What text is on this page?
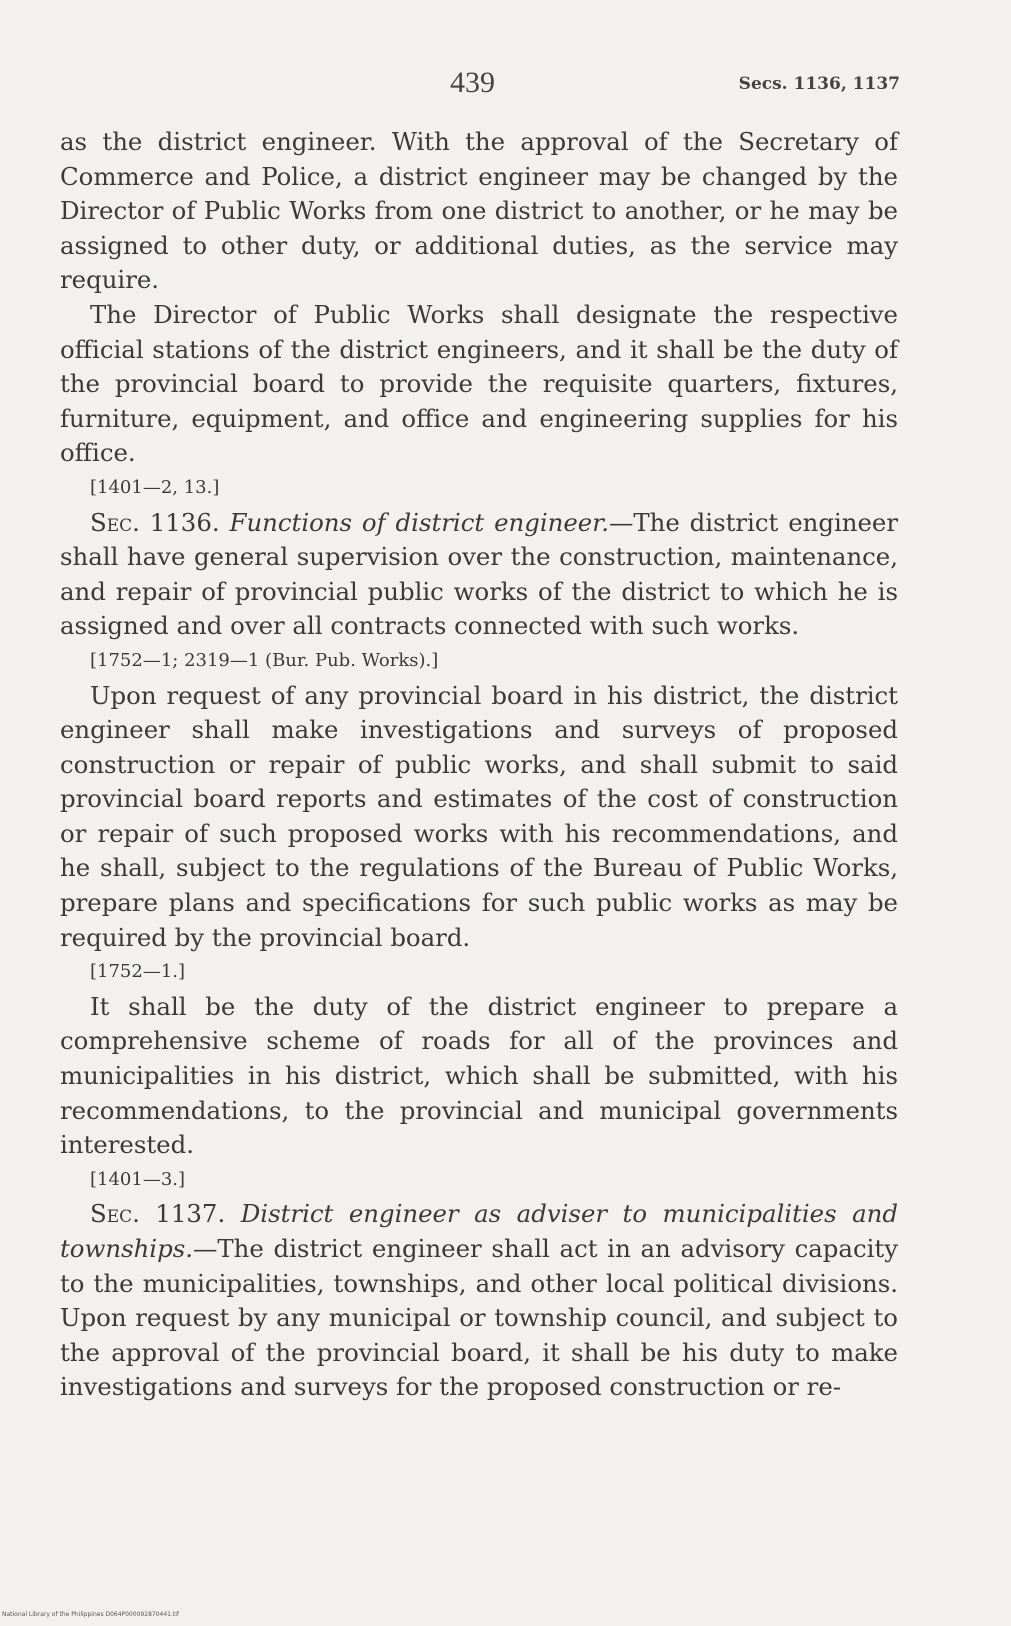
439	Secs. 1136, 1137

as the district engineer. With the approval of the Secretary of Commerce and Police, a district engineer may be changed by the Director of Public Works from one district to another, or he may be assigned to other duty, or additional duties, as the service may require.

The Director of Public Works shall designate the respective official stations of the district engineers, and it shall be the duty of the provincial board to provide the requisite quarters, fixtures, furniture, equipment, and office and engineering supplies for his office.

[1401—2, 13.]

Sec. 1136. Functions of district engineer.—The district engineer shall have general supervision over the construction, maintenance, and repair of provincial public works of the district to which he is assigned and over all contracts connected with such works.

[1752—1; 2319—1 (Bur. Pub. Works).]

Upon request of any provincial board in his district, the district engineer shall make investigations and surveys of proposed construction or repair of public works, and shall submit to said provincial board reports and estimates of the cost of construction or repair of such proposed works with his recommendations, and he shall, subject to the regulations of the Bureau of Public Works, prepare plans and specifications for such public works as may be required by the provincial board.

[1752—1.]

It shall be the duty of the district engineer to prepare a comprehensive scheme of roads for all of the provinces and municipalities in his district, which shall be submitted, with his recommendations, to the provincial and municipal governments interested.

[1401—3.]

Sec. 1137. District engineer as adviser to municipalities and townships.—The district engineer shall act in an advisory capacity to the municipalities, townships, and other local political divisions. Upon request by any municipal or township council, and subject to the approval of the provincial board, it shall be his duty to make investigations and surveys for the proposed construction or re-

National Library of the Philippines D064P000092870441.tif
